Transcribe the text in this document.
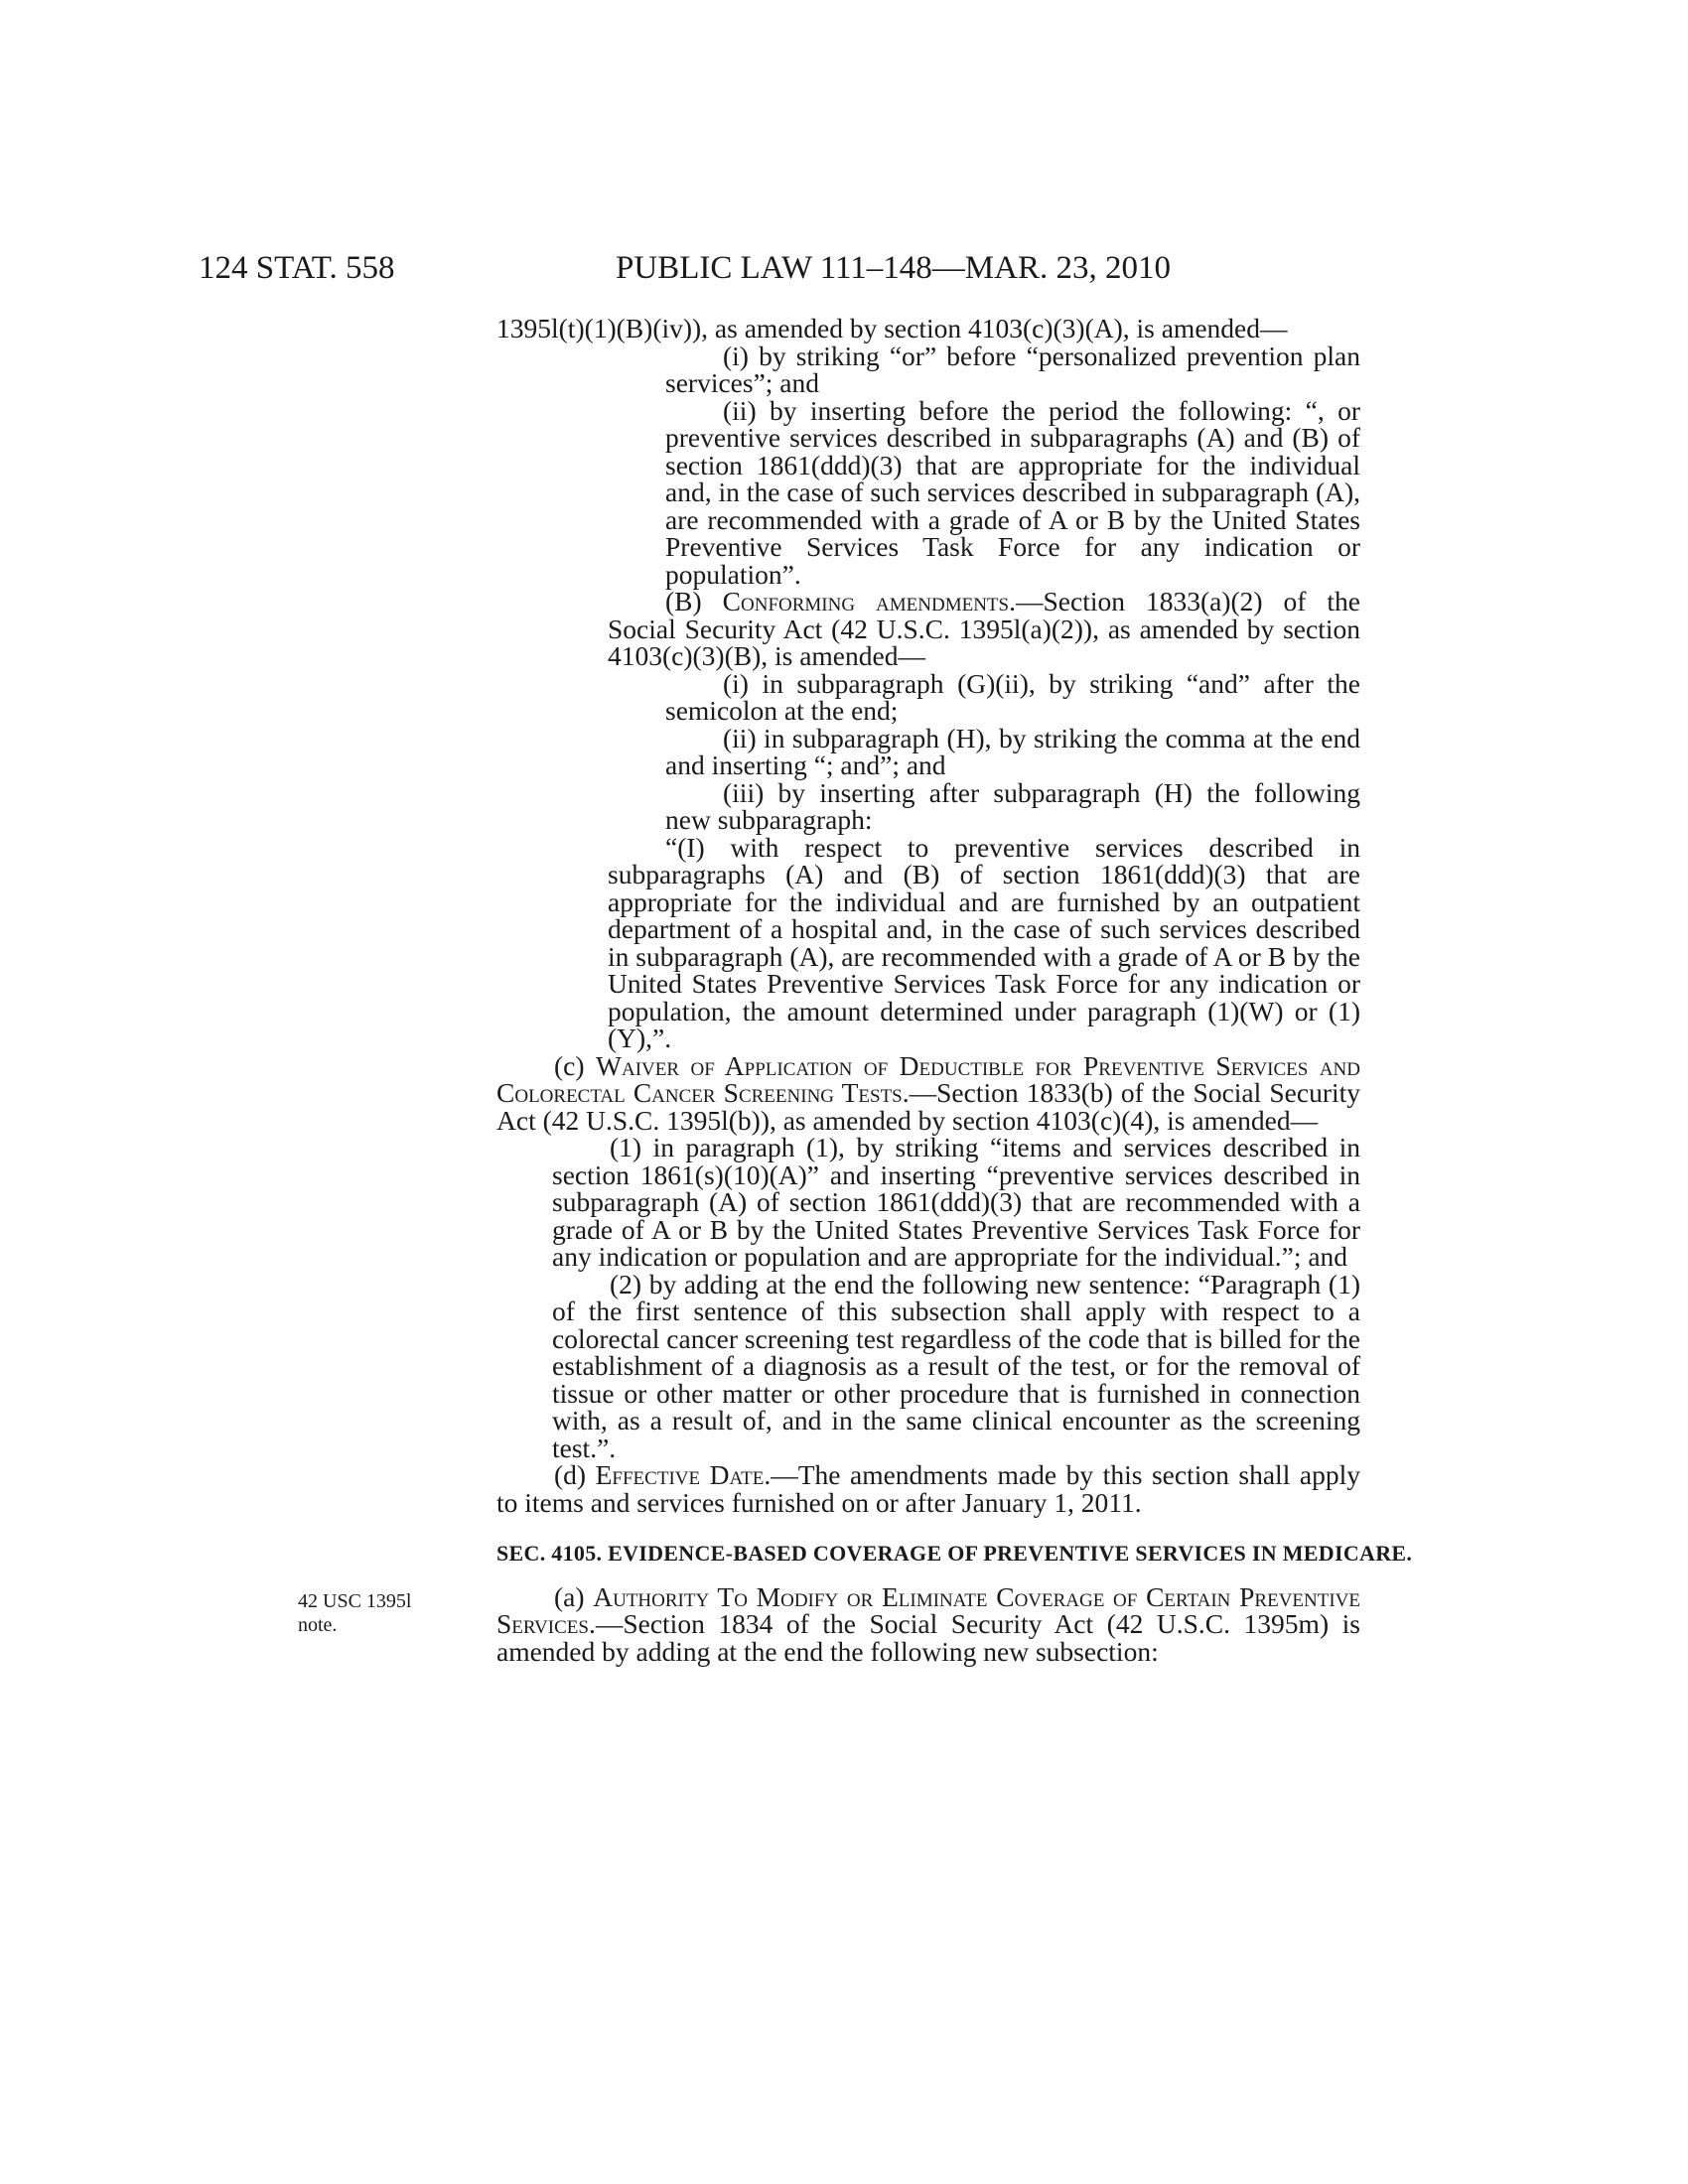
124 STAT. 558	PUBLIC LAW 111–148—MAR. 23, 2010
42 USC 1395l
note.

1395l(t)(1)(B)(iv)), as amended by section 4103(c)(3)(A), is amended—

(i) by striking “or” before “personalized prevention plan services”; and

(ii) by inserting before the period the following: “, or preventive services described in subparagraphs (A) and (B) of section 1861(ddd)(3) that are appropriate for the individual and, in the case of such services described in subparagraph (A), are recommended with a grade of A or B by the United States Preventive Services Task Force for any indication or population”.

(B) Conforming amendments.—Section 1833(a)(2) of the Social Security Act (42 U.S.C. 1395l(a)(2)), as amended by section 4103(c)(3)(B), is amended—

(i) in subparagraph (G)(ii), by striking “and” after the semicolon at the end;

(ii) in subparagraph (H), by striking the comma at the end and inserting “; and”; and

(iii) by inserting after subparagraph (H) the following new subparagraph:

“(I) with respect to preventive services described in subparagraphs (A) and (B) of section 1861(ddd)(3) that are appropriate for the individual and are furnished by an outpatient department of a hospital and, in the case of such services described in subparagraph (A), are recommended with a grade of A or B by the United States Preventive Services Task Force for any indication or population, the amount determined under paragraph (1)(W) or (1)(Y),”.

(c) Waiver of Application of Deductible for Preventive Services and Colorectal Cancer Screening Tests.—Section 1833(b) of the Social Security Act (42 U.S.C. 1395l(b)), as amended by section 4103(c)(4), is amended—

(1) in paragraph (1), by striking “items and services described in section 1861(s)(10)(A)” and inserting “preventive services described in subparagraph (A) of section 1861(ddd)(3) that are recommended with a grade of A or B by the United States Preventive Services Task Force for any indication or population and are appropriate for the individual.”; and

(2) by adding at the end the following new sentence: “Paragraph (1) of the first sentence of this subsection shall apply with respect to a colorectal cancer screening test regardless of the code that is billed for the establishment of a diagnosis as a result of the test, or for the removal of tissue or other matter or other procedure that is furnished in connection with, as a result of, and in the same clinical encounter as the screening test.”.

(d) Effective Date.—The amendments made by this section shall apply to items and services furnished on or after January 1, 2011.

SEC. 4105. EVIDENCE-BASED COVERAGE OF PREVENTIVE SERVICES IN MEDICARE.

(a) Authority To Modify or Eliminate Coverage of Certain Preventive Services.—Section 1834 of the Social Security Act (42 U.S.C. 1395m) is amended by adding at the end the following new subsection:
